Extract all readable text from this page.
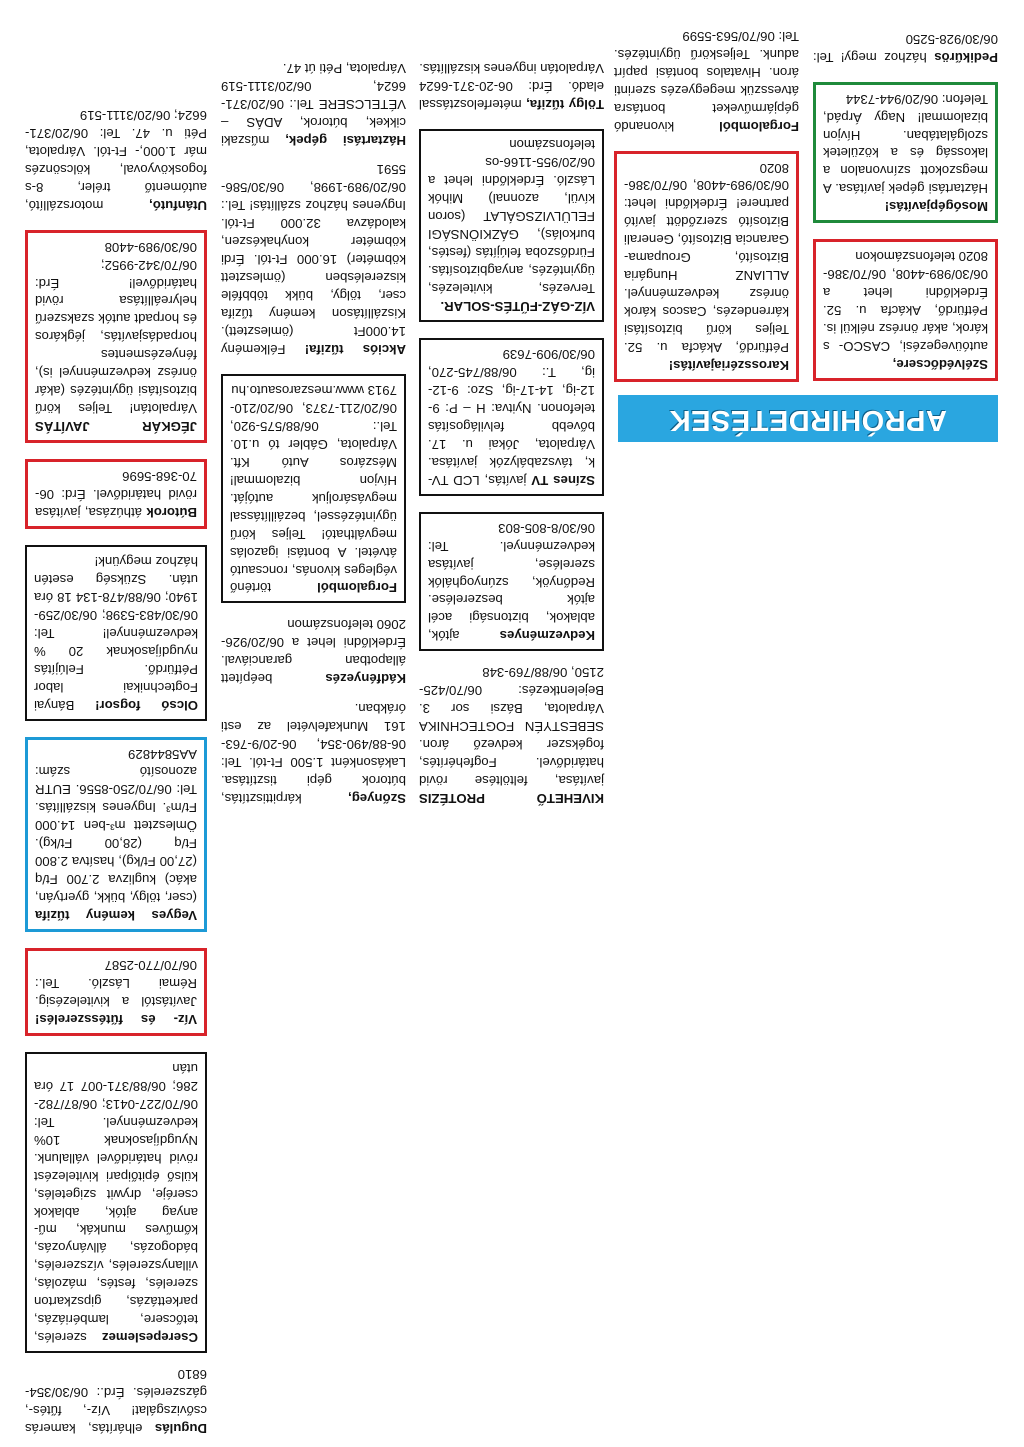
APRÓHIRDETÉSEK

Szélvédőcsere, autóüvegezési, CASCO- s károk, akár önrész nélkül is. Pétfürdő, Akácfa u. 52. Érdeklődni lehet a 06/30/989-4408, 06/70/386-8020 telefonszámokon

Mosógépjavítás! Háztartási gépek javítása. A megszokott színvonalon a lakosság és a közületek szolgálatában. Hívjon bizalommal! Nagy Árpád, Telefon: 06/20/944-7344

Pedikűrös házhoz megy! Tel: 06/30/928-5250

Karosszériajavítás! Pétfürdő, Akácfa u. 52. Teljes körű biztosítási kárrendezés, Cascos károk önrész kedvezménnyel. ALLIANZ Hungária Biztosító, Groupama-Garancia Biztosító, Generali Biztosító szerződött javító partnere! Érdeklődni lehet: 06/30/989-4408, 06/70/386-8020

Forgalomból kivonandó gépjárműveket bontásra átvesszük megegyezés szerinti áron. Hivatalos bontási papírt adunk. Teljeskörű ügyintézés. Tel: 06/70/563-5599

KIVEHETŐ PROTÉZIS javítása, feltöltése rövid határidővel. Fogfehérítés, fogékszer kedvező áron. SEBESTYÉN FOGTECHNIKA Várpalota, Bázsi sor 3. Bejelentkezés: 06/70/425-2150, 06/88/769-348

Kedvezményes ajtók, ablakok, biztonsági acél ajtók beszerelése. Redőnyök, szúnyoghálók szerelése, javítása kedvezménnyel. Tel: 06/30/8-805-803

Színes TV javítás, LCD TV-k, távszabályzók javítása. Várpalota, Jókai u. 17. bővebb felvilágosítás telefonon. Nyitva: H – P: 9-12-ig, 14-17-ig, Szo: 9-12-ig, T.: 06/88/745-270, 06/30/909-7639

VÍZ-GÁZ-FŰTÉS-SOLAR. Tervezés, kivitelezés, ügyintézés, anyagbiztosítás. Fürdőszoba felújítás (festés, burkolás), GÁZKIÖNSÁGI FELÜLVIZSGÁLAT (soron kívül, azonnal) Mihók László. Érdeklődni lehet a 06/20/955-1166-os telefonszámon

Tölgy tűzifa, méterfelosztással eladó. Érd: 06-20-371-6624 Várpalotán ingyenes kiszállítás.

Szőnyeg, kárpittisztítás, bútorok gépi tisztítása. Lakásonként 1.500 Ft-tól. Tel: 06-88/490-354, 06-20/9-763-161 Munkafelvétel az esti órákban.

Kádfényezés beépített állapotban garanciával. Érdeklődni lehet a 06/20/926-2060 telefonszámon

Forgalomból történő végleges kivonás, roncsautó átvétel. A bontási igazolás megváltható! Teljes körű ügyintézéssel, bezáillítással megvásároljuk autóját. Hívjon bizalommal! Mészáros Autó Kft. Várpalota, Gábler tó u.10. Tel.: 06/88/575-920, 06/20/211-7373, 06/20/210-7913 www.meszarosauto.hu

Akciós tűzifa! Félkemény 14.000Ft (ömlesztett). Kiszállításon kemény tűzifa cser, tölgy, bükk többféle kiszerelésben (ömlesztett köbméter) 16.000 Ft-tól. Érdi köbméter konyhakészen, kalodázva 32.000 Ft-tól. Ingyenes házhoz szállítás! Tel.: 06/20/989-1998, 06/30/586-5591

Háztartási gépek, műszaki cikkek, bútorok, ADÁS – VÉTELCSERE Tel.: 06/20/371-6624, 06/20/3111-519 Várpalota, Péti út 47.

Dugulás elhárítás, kamerás csővizsgálat! Víz-, fűtés-, gázszerelés. Érd.: 06/30/354-6810

Cserepeslemez szerelés, tetőcsere, lambériázás, parkettázás, gipszkarton szerelés, festés, mázolás, villanyszerelés, vízszerelés, bádogozás, állványozás, kőműves munkák, mű-anyag ajtók, ablakok cseréje, drywit szigetelés, külső épitőipari kivitelezést rövid határidővel vállalunk. Nyugdíjasoknak 10% kedvezménnyel. Tel: 06/70/227-0413; 06/87/782-286; 06/88/371-007 17 óra után

Víz- és fűtésszerelés! Javítástól a kivitelezésig. Rémai László. Tel.: 06/70/770-2587

Vegyes kemény tűzifa (cser, tölgy, bükk, gyertyán, akác) kuglizva 2.700 Ft/q (27,00 Ft/kg), hasítva 2.800 Ft/q (28,00 Ft/kg). Ömlesztett m³-ben 14.000 Ft/m³. Ingyenes kiszállítás. Tel: 06/70/250-8556. EUTR azonosító szám: AA5844829

Olcsó fogsor! Bányai Fogtechnikai labor Pétfürdő. Felújítás nyugdíjasoknak 20 % kedvezménnyel! Tel: 06/30/483-5398; 06/30/259-1940; 06/88/478-134 18 óra után. Szükség esetén házhoz megyünk!

Bútorok áthúzása, javítása rövid határidővel. Érd: 06-70-368-5696

JÉGKÁR JAVÍTÁS Várpalotán! Teljes körű biztosítási ügyintézés (akár önrész kedvezménnyel is), fényezésmentes horpadásjavítás, jégkáros és horpadt autók szakszerű helyreállítása rövid határidővel! Érd: 06/70/342-9952; 06/30/989-4408

Utánfutó, motorszállító, autómentő tréler, 8-s fogoskövyoval, kölcsönzés már 1.000,- Ft-tól. Várpalota, Péti u. 47. Tel: 06/20/371-6624; 06/20/3111-519
